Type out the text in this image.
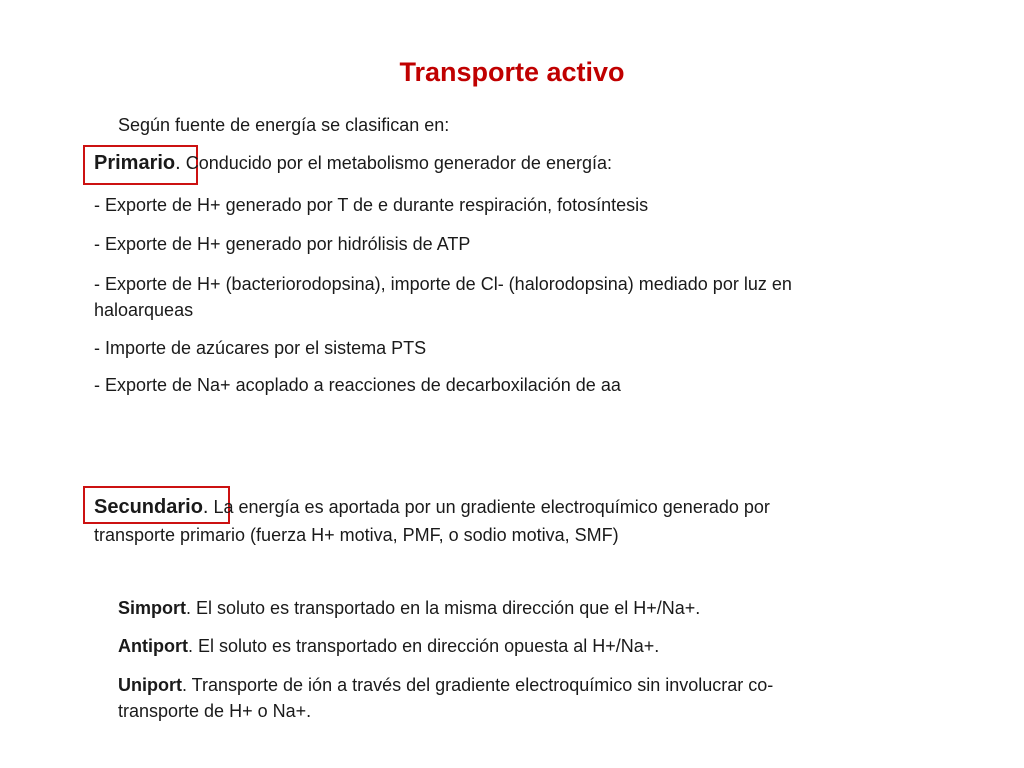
Transporte activo
Según fuente de energía se clasifican en:
Primario. Conducido por el metabolismo generador de energía:
- Exporte de H+ generado por T de e durante respiración, fotosíntesis
- Exporte de H+ generado por hidrólisis de ATP
- Exporte de H+ (bacteriorodopsina), importe de Cl- (halorodopsina) mediado por luz en
haloarqueas
- Importe de azúcares por el sistema PTS
- Exporte de Na+ acoplado a reacciones de decarboxilación de aa
Secundario. La energía es aportada por un gradiente electroquímico generado por
transporte primario (fuerza H+ motiva, PMF, o sodio motiva, SMF)
Simport. El soluto es transportado en la misma dirección que el H+/Na+.
Antiport. El soluto es transportado en dirección opuesta al H+/Na+.
Uniport. Transporte de ión a través del gradiente electroquímico sin involucrar co-
transporte de H+ o Na+.
